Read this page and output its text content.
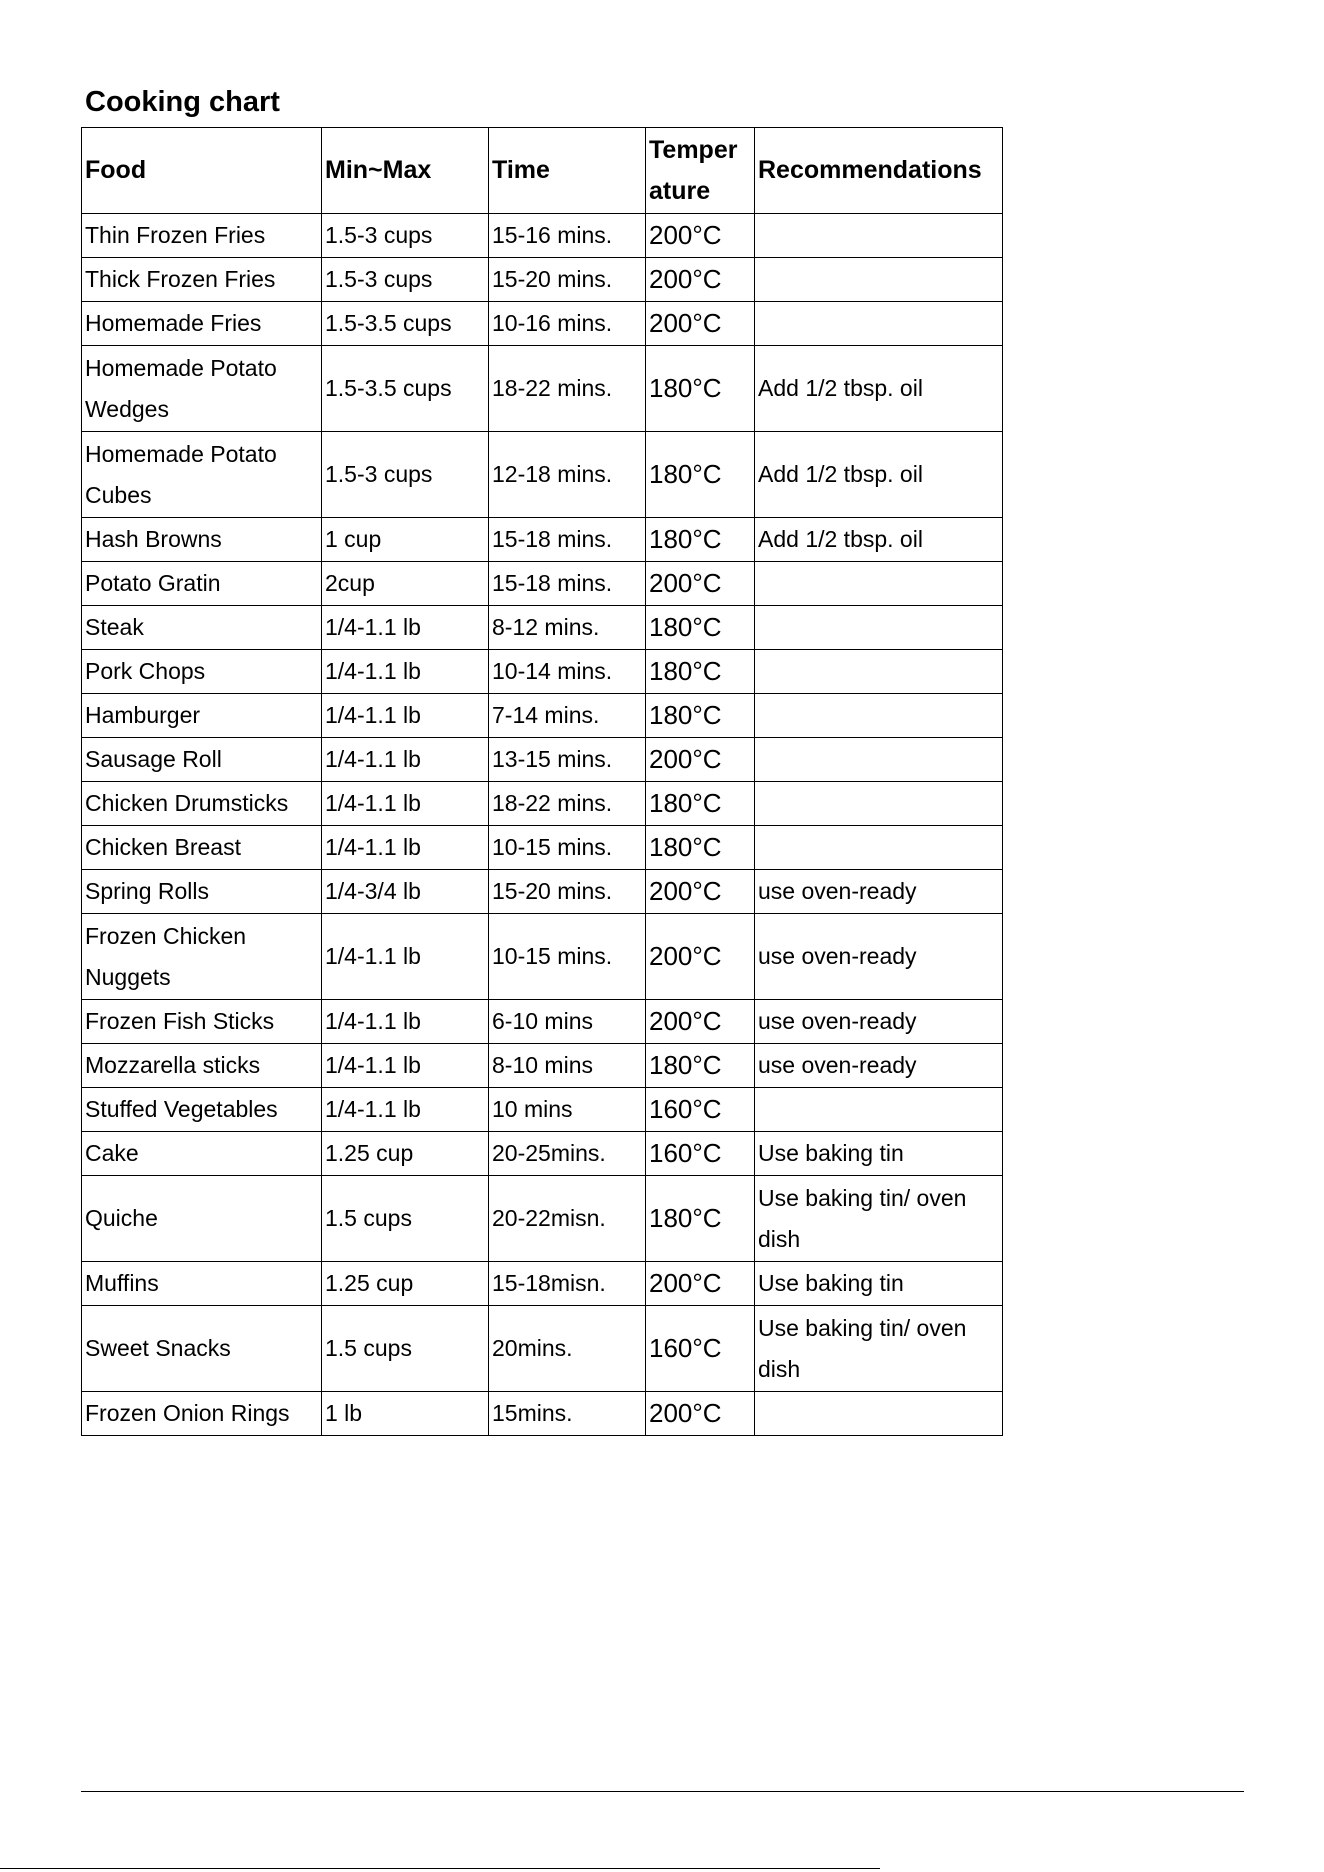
Cooking chart
Food	Min~Max	Time	Temper ature	Recommendations
Thin Frozen Fries	1.5-3 cups	15-16 mins.	200°C	
Thick Frozen Fries	1.5-3 cups	15-20 mins.	200°C	
Homemade Fries	1.5-3.5 cups	10-16 mins.	200°C	
Homemade Potato Wedges	1.5-3.5 cups	18-22 mins.	180°C	Add 1/2 tbsp. oil
Homemade Potato Cubes	1.5-3 cups	12-18 mins.	180°C	Add 1/2 tbsp. oil
Hash Browns	1 cup	15-18 mins.	180°C	Add 1/2 tbsp. oil
Potato Gratin	2cup	15-18 mins.	200°C	
Steak	1/4-1.1 lb	8-12 mins.	180°C	
Pork Chops	1/4-1.1 lb	10-14 mins.	180°C	
Hamburger	1/4-1.1 lb	7-14 mins.	180°C	
Sausage Roll	1/4-1.1 lb	13-15 mins.	200°C	
Chicken Drumsticks	1/4-1.1 lb	18-22 mins.	180°C	
Chicken Breast	1/4-1.1 lb	10-15 mins.	180°C	
Spring Rolls	1/4-3/4 lb	15-20 mins.	200°C	use oven-ready
Frozen Chicken Nuggets	1/4-1.1 lb	10-15 mins.	200°C	use oven-ready
Frozen Fish Sticks	1/4-1.1 lb	6-10 mins	200°C	use oven-ready
Mozzarella sticks	1/4-1.1 lb	8-10 mins	180°C	use oven-ready
Stuffed Vegetables	1/4-1.1 lb	10 mins	160°C	
Cake	1.25 cup	20-25mins.	160°C	Use baking tin
Quiche	1.5 cups	20-22misn.	180°C	Use baking tin/ oven dish
Muffins	1.25 cup	15-18misn.	200°C	Use baking tin
Sweet Snacks	1.5 cups	20mins.	160°C	Use baking tin/ oven dish
Frozen Onion Rings	1 lb	15mins.	200°C	
